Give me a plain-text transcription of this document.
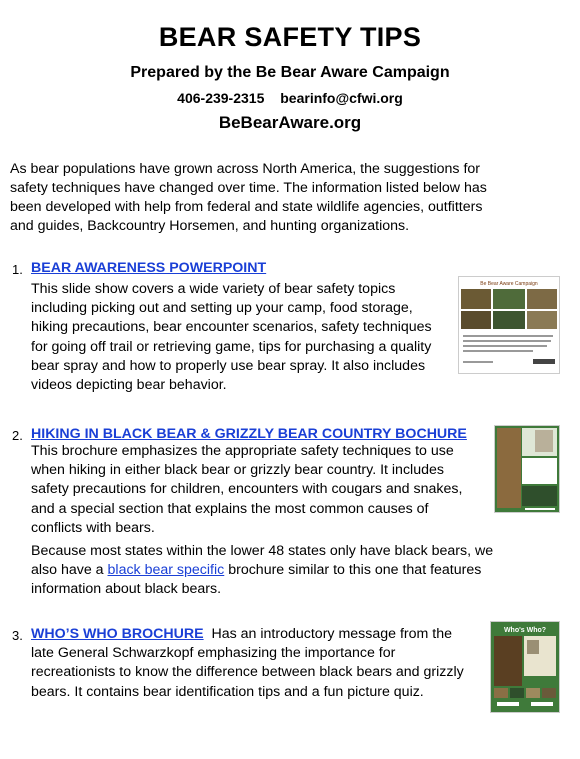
BEAR SAFETY TIPS
Prepared by the Be Bear Aware Campaign
406-239-2315 bearinfo@cfwi.org
BeBearAware.org
As bear populations have grown across North America, the suggestions for safety techniques have changed over time. The information listed below has been developed with help from federal and state wildlife agencies, outfitters and guides, Backcountry Horsemen, and hunting organizations.
1. BEAR AWARENESS POWERPOINT
This slide show covers a wide variety of bear safety topics including picking out and setting up your camp, food storage, hiking precautions, bear encounter scenarios, safety techniques for going off trail or retrieving game, tips for purchasing a quality bear spray and how to properly use bear spray. It also includes videos depicting bear behavior.
Be Bear Aware Campaign
2. HIKING IN BLACK BEAR & GRIZZLY BEAR COUNTRY BOCHURE
This brochure emphasizes the appropriate safety techniques to use when hiking in either black bear or grizzly bear country. It includes safety precautions for children, encounters with cougars and snakes, and a special section that explains the most common causes of conflicts with bears.
Because most states within the lower 48 states only have black bears, we also have a black bear specific brochure similar to this one that features information about black bears.
3. WHO’S WHO BROCHURE Has an introductory message from the late General Schwarzkopf emphasizing the importance for recreationists to know the difference between black bears and grizzly bears. It contains bear identification tips and a fun picture quiz.
Who's Who?
